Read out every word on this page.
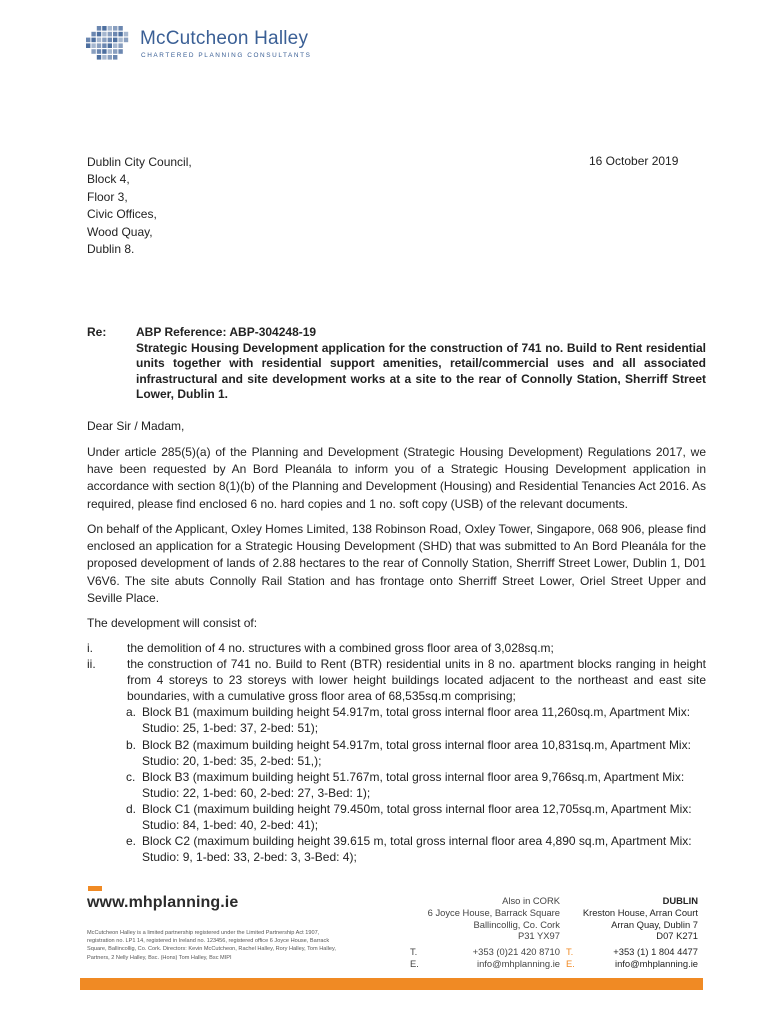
McCutcheon Halley
CHARTERED PLANNING CONSULTANTS
Dublin City Council,
Block 4,
Floor 3,
Civic Offices,
Wood Quay,
Dublin 8.
16 October 2019
Re: ABP Reference: ABP-304248-19
Strategic Housing Development application for the construction of 741 no. Build to Rent residential units together with residential support amenities, retail/commercial uses and all associated infrastructural and site development works at a site to the rear of Connolly Station, Sherriff Street Lower, Dublin 1.
Dear Sir / Madam,
Under article 285(5)(a) of the Planning and Development (Strategic Housing Development) Regulations 2017, we have been requested by An Bord Pleanála to inform you of a Strategic Housing Development application in accordance with section 8(1)(b) of the Planning and Development (Housing) and Residential Tenancies Act 2016. As required, please find enclosed 6 no. hard copies and 1 no. soft copy (USB) of the relevant documents.
On behalf of the Applicant, Oxley Homes Limited, 138 Robinson Road, Oxley Tower, Singapore, 068 906, please find enclosed an application for a Strategic Housing Development (SHD) that was submitted to An Bord Pleanála for the proposed development of lands of 2.88 hectares to the rear of Connolly Station, Sherriff Street Lower, Dublin 1, D01 V6V6. The site abuts Connolly Rail Station and has frontage onto Sherriff Street Lower, Oriel Street Upper and Seville Place.
The development will consist of:
i.	the demolition of 4 no. structures with a combined gross floor area of 3,028sq.m;
ii.	the construction of 741 no. Build to Rent (BTR) residential units in 8 no. apartment blocks ranging in height from 4 storeys to 23 storeys with lower height buildings located adjacent to the northeast and east site boundaries, with a cumulative gross floor area of 68,535sq.m comprising;
a. Block B1 (maximum building height 54.917m, total gross internal floor area 11,260sq.m, Apartment Mix: Studio: 25, 1-bed: 37, 2-bed: 51);
b. Block B2 (maximum building height 54.917m, total gross internal floor area 10,831sq.m, Apartment Mix: Studio: 20, 1-bed: 35, 2-bed: 51,);
c. Block B3 (maximum building height 51.767m, total gross internal floor area 9,766sq.m, Apartment Mix: Studio: 22, 1-bed: 60, 2-bed: 27, 3-Bed: 1);
d. Block C1 (maximum building height 79.450m, total gross internal floor area 12,705sq.m, Apartment Mix: Studio: 84, 1-bed: 40, 2-bed: 41);
e. Block C2 (maximum building height 39.615 m, total gross internal floor area 4,890 sq.m, Apartment Mix: Studio: 9, 1-bed: 33, 2-bed: 3, 3-Bed: 4);
www.mhplanning.ie
McCutcheon Halley is a limited partnership registered under the Limited Partnership Act 1907, registration no. LP1 14, registered in Ireland no. 123456, registered office 6 Joyce House, Barrack Square, Ballincollig, Co. Cork. Directors: Kevin McCutcheon, Rachel Halley, Rory Halley, Tom Halley, Partners, 2 Nelly Halley, Bsc. (Hons) Tom Halley, Bsc MIPI
Also in CORK
6 Joyce House, Barrack Square
Ballincollig, Co. Cork
P31 YX97
T.	+353 (0)21 420 8710
E.	info@mhplanning.ie
DUBLIN
Kreston House, Arran Court
Arran Quay, Dublin 7
D07 K271
T.	+353 (1) 1 804 4477
E.	info@mhplanning.ie
